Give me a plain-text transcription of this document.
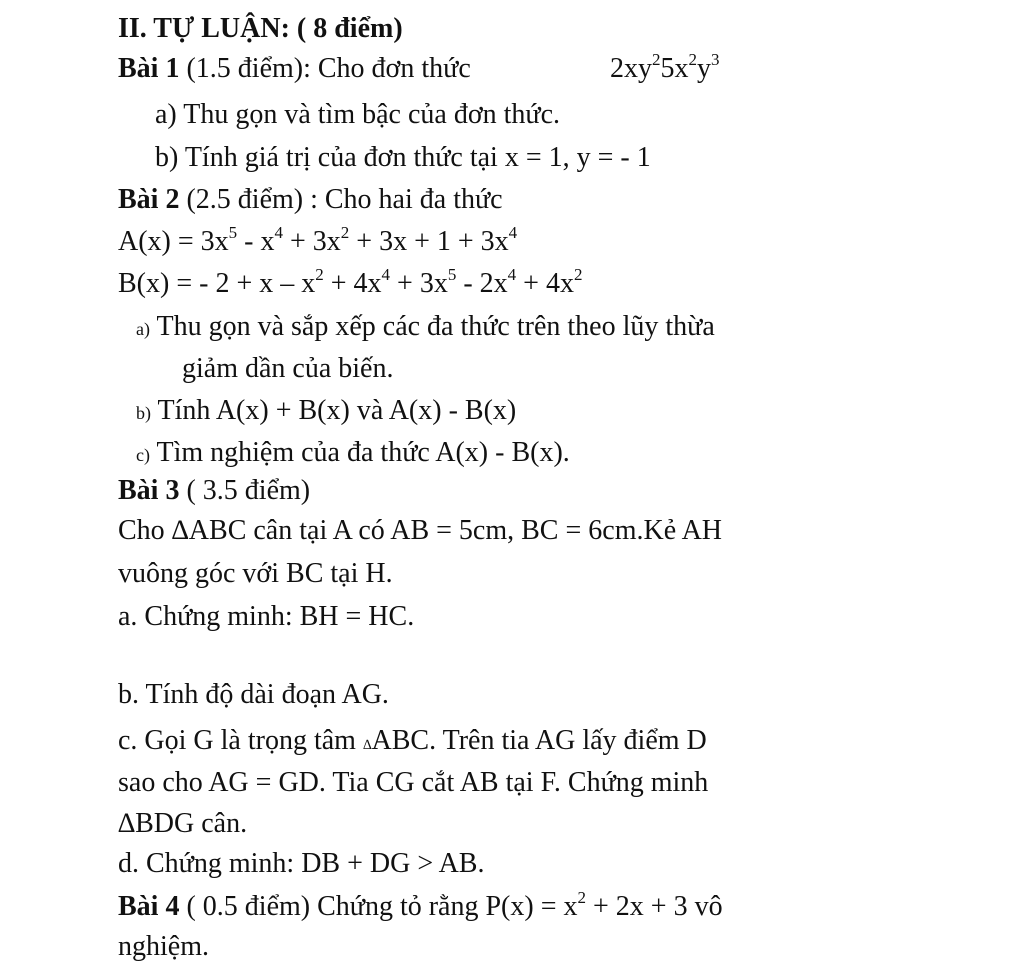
II. TỰ LUẬN: ( 8 điểm)
Bài 1 (1.5 điểm): Cho đơn thức	$2xy^25x^2y^3$
a) Thu gọn và tìm bậc của đơn thức.
b) Tính giá trị của đơn thức tại x = 1, y = - 1
Bài 2 (2.5 điểm) : Cho hai đa thức
$A(x) = 3x^5 - x^4 + 3x^2 + 3x + 1 + 3x^4$
B(x) = - $2 + x - x^2 + 4x^4 + 3x^5 - 2x^4 + 4x^2$
a) Thu gọn và sắp xếp các đa thức trên theo lũy thừa
giảm dần của biến.
b) Tính A(x) + B(x) và A(x) - B(x)
c) Tìm nghiệm của đa thức A(x) - B(x).
Bài 3 ( 3.5 điểm)
Cho ∆ABC cân tại A có AB = 5cm, BC = 6cm.Kẻ AH
vuông góc với BC tại H.
a. Chứng minh: BH = HC.
b. Tính độ dài đoạn AG.
c. Gọi G là trọng tâm ∆ABC. Trên tia AG lấy điểm D
sao cho AG = GD. Tia CG cắt AB tại F. Chứng minh
∆BDG cân.
d. Chứng minh: DB + DG > AB.
Bài 4 ( 0.5 điểm) Chứng tỏ rằng $P(x) = x^2 + 2x + 3$ vô
nghiệm.
